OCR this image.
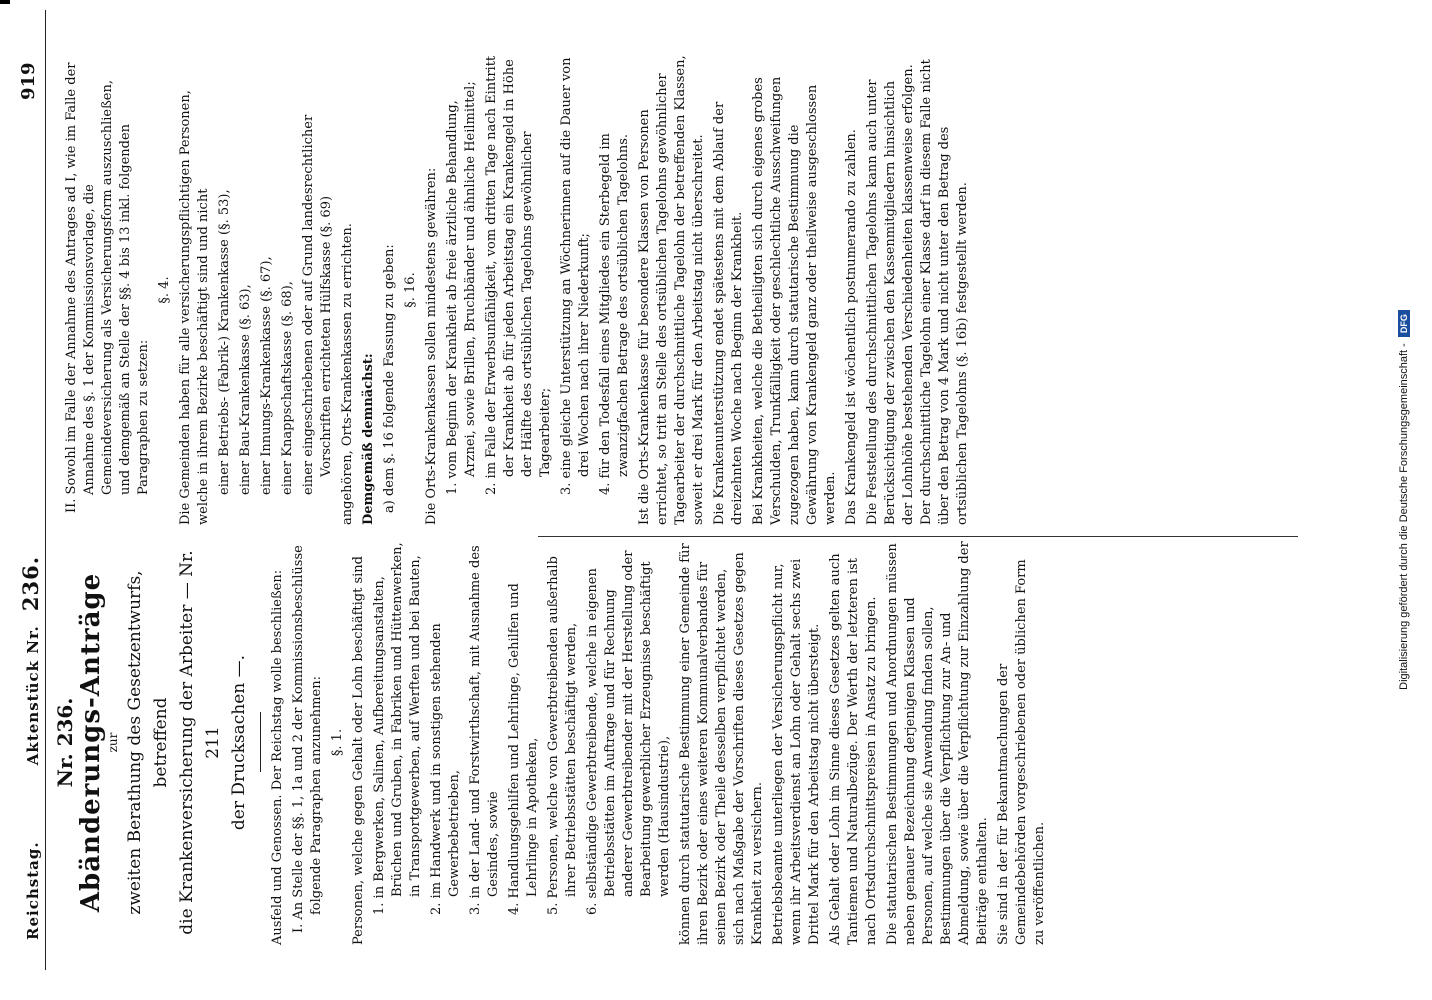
Reichstag. Aktenstück Nr. 236.
919
Nr. 236. Abänderungs-Anträge zur zweiten Berathung des Gesetzentwurfs, betreffend die Krankenversicherung der Arbeiter — Nr. 211 der Drucksachen —. Ausfeld und Genossen. Der Reichstag wolle beschließen: I. An Stelle der §§. 1, 1a und 2 der Kommissionsbeschlüsse folgende Paragraphen anzunehmen: §. 1. Personen, welche gegen Gehalt oder Lohn beschäftigt sind 1. in Bergwerken, Salinen, Aufbereitungsanstalten, Brüchen und Gruben, in Fabriken und Hüttenwerken, in Transportgewerben, auf Werften und bei Bauten, 2. im Handwerk und in sonstigen stehenden Gewerbebetrieben, 3. in der Land- und Forstwirthschaft, mit Ausnahme des Gesindes, sowie 4. Handlungsgehilfen und Lehrlinge, Gehilfen und Lehrlinge in Apotheken, 5. Personen, welche von Gewerbtreibenden außerhalb ihrer Betriebsstätten beschäftigt werden, 6. selbständige Gewerbtreibende, welche in eigenen Betriebsstätten im Auftrage und für Rechnung anderer Gewerbtreibender mit der Herstellung oder Bearbeitung gewerblicher Erzeugnisse beschäftigt werden (Hausindustrie), können durch statutarische Bestimmung einer Gemeinde für ihren Bezirk oder eines weiteren Kommunalverbandes für seinen Bezirk oder Theile desselben verpflichtet werden, sich nach Maßgabe der Vorschriften dieses Gesetzes gegen Krankheit zu versichern. Betriebsbeamte unterliegen der Versicherungspflicht nur, wenn ihr Arbeitsverdienst an Lohn oder Gehalt sechs zwei Drittel Mark für den Arbeitstag nicht übersteigt. Als Gehalt oder Lohn im Sinne dieses Gesetzes gelten auch Tantiemen und Naturalbezüge. Der Werth der letzteren ist nach Ortsdurchschnittspreisen in Ansatz zu bringen. Die statutarischen Bestimmungen und Anordnungen müssen neben genauer Bezeichnung derjenigen Klassen und Personen, auf welche sie Anwendung finden sollen, Bestimmungen über die Verpflichtung zur An- und Abmeldung, sowie über die Verpflichtung zur Einzahlung der Beiträge enthalten. Sie sind in der für Bekanntmachungen der Gemeindebehörden vorgeschriebenen oder üblichen Form zu veröffentlichen.

II. Sowohl im Falle der Annahme des Antrages ad I, wie im Falle der Annahme des §. 1 der Kommissionsvorlage, die Gemeindeversicherung als Versicherungsform auszuschließen, und demgemäß an Stelle der §§. 4 bis 13 inkl. folgenden Paragraphen zu setzen:

§. 4. Die Gemeinden haben für alle versicherungspflichtigen Personen, welche in ihrem Bezirke beschäftigt sind und nicht einer Betriebs- (Fabrik-) Krankenkasse (§. 53), einer Bau-Krankenkasse (§. 63), einer Innungs-Krankenkasse (§. 67), einer Knappschaftskasse (§. 68), einer eingeschriebenen oder auf Grund landesrechtlicher Vorschriften errichteten Hülfskasse (§. 69) angehören, Orts-Krankenkassen zu errichten. Demgemäß demnächst: a) dem §. 16 folgende Fassung zu geben: §. 16. Die Orts-Krankenkassen sollen mindestens gewähren: 1. vom Beginn der Krankheit ab freie ärztliche Behandlung, Arznei, sowie Brillen, Bruchbänder und ähnliche Heilmittel; 2. im Falle der Erwerbsunfähigkeit, vom dritten Tage nach Eintritt der Krankheit ab für jeden Arbeitstag ein Krankengeld in Höhe der Hälfte des ortsüblichen Tagelohns gewöhnlicher Tagearbeiter; 3. eine gleiche Unterstützung an Wöchnerinnen auf die Dauer von drei Wochen nach ihrer Niederkunft; 4. für den Todesfall eines Mitgliedes ein Sterbegeld im zwanzigfachen Betrage des ortsüblichen Tagelohns. Ist die Orts-Krankenkasse für besondere Klassen von Personen errichtet, so tritt an Stelle des ortsüblichen Tagelohns gewöhnlicher Tagearbeiter der durchschnittliche Tagelohn der betreffenden Klassen, soweit er drei Mark für den Arbeitstag nicht überschreitet. Die Krankenunterstützung endet spätestens mit dem Ablauf der dreizehnten Woche nach Beginn der Krankheit. Bei Krankheiten, welche die Betheiligten sich durch eigenes grobes Verschulden, Trunkfälligkeit oder geschlechtliche Ausschweifungen zugezogen haben, kann durch statutarische Bestimmung die Gewährung von Krankengeld ganz oder theilweise ausgeschlossen werden. Das Krankengeld ist wöchentlich postnumerando zu zahlen. Die Feststellung des durchschnittlichen Tagelohns kann auch unter Berücksichtigung der zwischen den Kassenmitgliedern hinsichtlich der Lohnhöhe bestehenden Verschiedenheiten klassenweise erfolgen. Der durchschnittliche Tagelohn einer Klasse darf in diesem Falle nicht über den Betrag von 4 Mark und nicht unter den Betrag des ortsüblichen Tagelohns (§. 16b) festgestellt werden.	Digitalisierung gefördert durch die Deutsche Forschungsgemeinschaft -DFG
